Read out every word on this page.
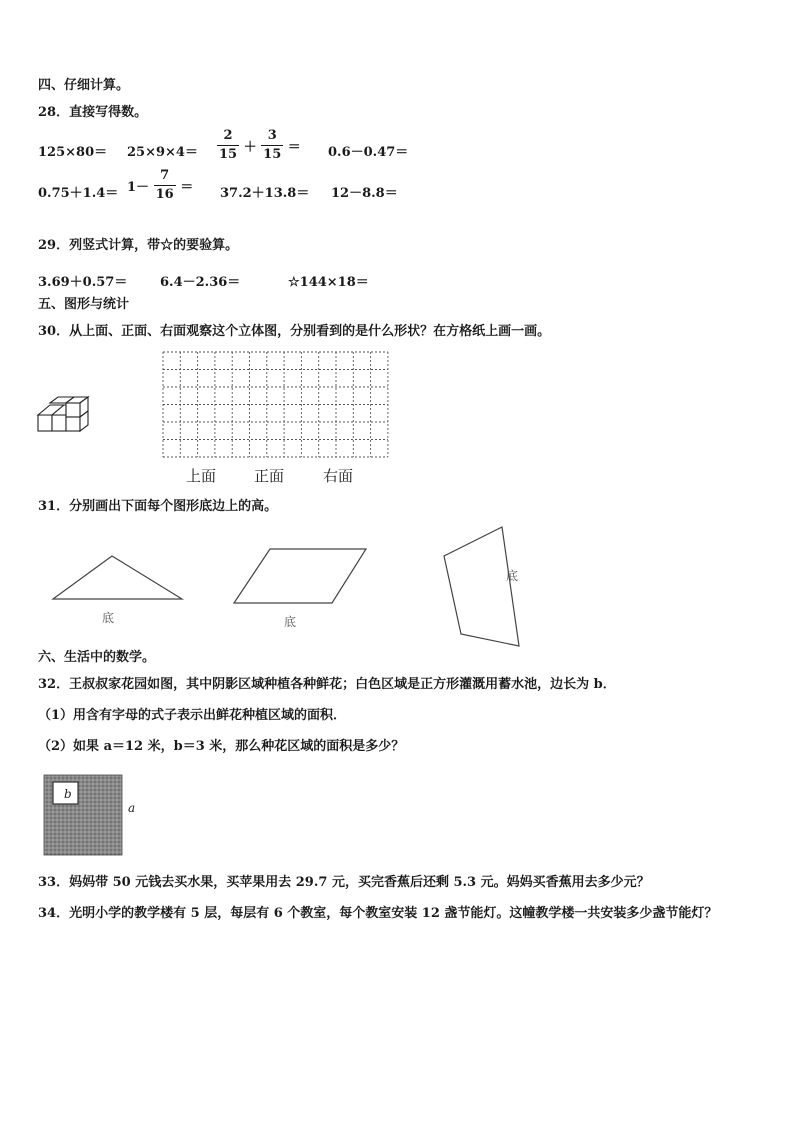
四、仔细计算。
28．直接写得数。
$125\times 80= 25\times 9\times 4= \frac{2}{15} + \frac{3}{15} = 0.6-0.47=$
$0.75+1.4= 1- \frac{7}{16} = 37.2+13.8= 12-8.8=$
29．列竖式计算，带☆的要验算。
3.69＋0.57＝	6.4－2.36＝	☆144×18＝
五、图形与统计
30．从上面、正面、右面观察这个立体图，分别看到的是什么形状？在方格纸上画一画。
上面	正面	右面
31．分别画出下面每个图形底边上的高。
底	底
底
六、生活中的数学。
32．王叔叔家花园如图，其中阴影区域种植各种鲜花；白色区域是正方形灌溉用蓄水池，边长为 b．
（1）用含有字母的式子表示出鲜花种植区域的面积．
（2）如果 a＝12 米，b＝3 米，那么种花区域的面积是多少？
b
a
33．妈妈带 50 元钱去买水果，买苹果用去 29.7 元，买完香蕉后还剩 5.3 元。妈妈买香蕉用去多少元？
34．光明小学的教学楼有 5 层，每层有 6 个教室，每个教室安装 12 盏节能灯。这幢教学楼一共安装多少盏节能灯？
